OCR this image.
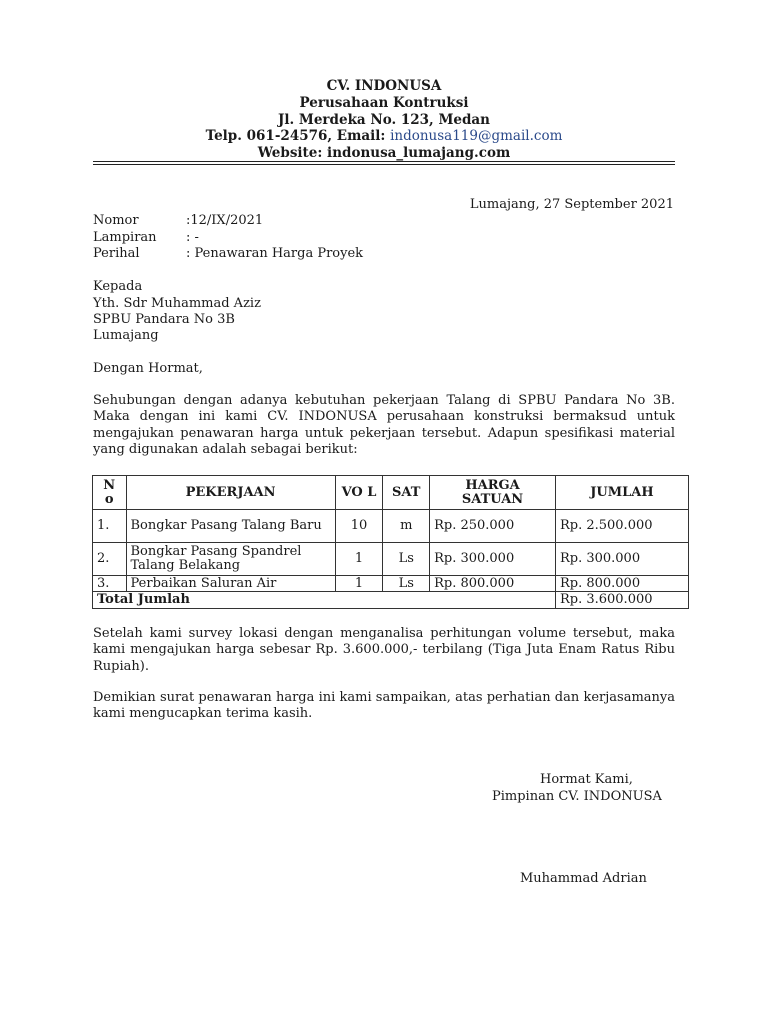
CV. INDONUSA
Perusahaan Kontruksi
Jl. Merdeka No. 123, Medan
Telp. 061-24576, Email: indonusa119@gmail.com
Website: indonusa_lumajang.com
Lumajang, 27 September 2021
Nomor	:12/IX/2021
Lampiran : -
Perihal	: Penawaran Harga Proyek
Kepada
Yth. Sdr Muhammad Aziz
SPBU Pandara No 3B
Lumajang
Dengan Hormat,
Sehubungan dengan adanya kebutuhan pekerjaan Talang di SPBU Pandara No 3B. Maka dengan ini kami CV. INDONUSA perusahaan konstruksi bermaksud untuk mengajukan penawaran harga untuk pekerjaan tersebut. Adapun spesifikasi material yang digunakan adalah sebagai berikut:
N o	PEKERJAAN	VO L	SAT	HARGA SATUAN	JUMLAH
1.	Bongkar Pasang Talang Baru	10	m	Rp. 250.000	Rp. 2.500.000
2.	Bongkar Pasang Spandrel Talang Belakang	1	Ls	Rp. 300.000	Rp. 300.000
3.	Perbaikan Saluran Air	1	Ls	Rp. 800.000	Rp. 800.000
Total Jumlah					Rp. 3.600.000
Setelah kami survey lokasi dengan menganalisa perhitungan volume tersebut, maka kami mengajukan harga sebesar Rp. 3.600.000,- terbilang (Tiga Juta Enam Ratus Ribu Rupiah).
Demikian surat penawaran harga ini kami sampaikan, atas perhatian dan kerjasamanya kami mengucapkan terima kasih.
Hormat Kami,
Pimpinan CV. INDONUSA
Muhammad Adrian
